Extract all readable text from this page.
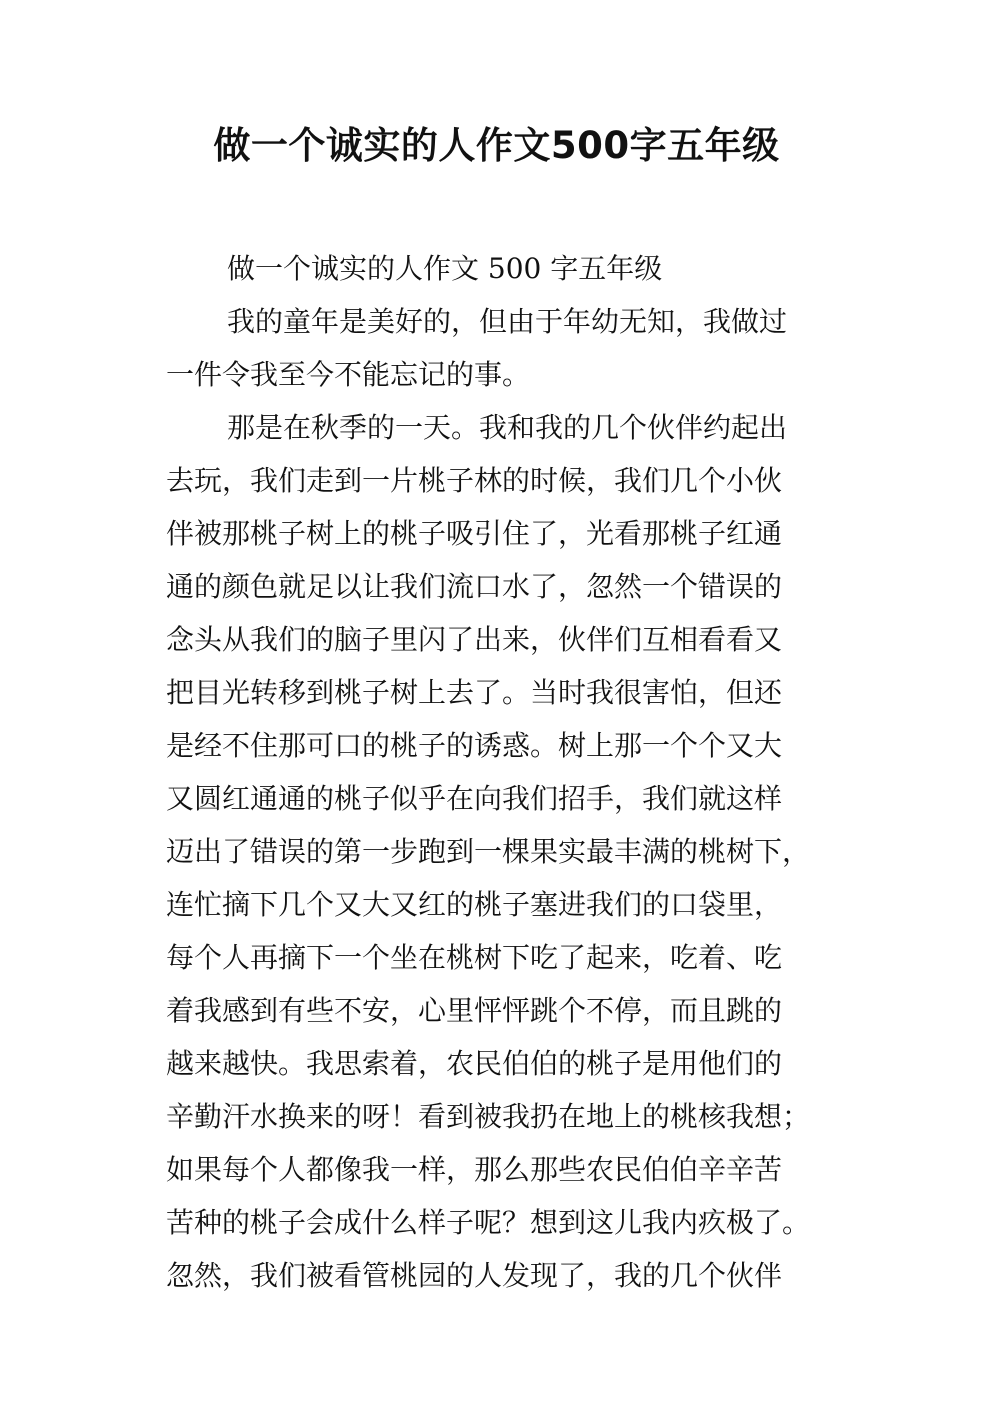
做一个诚实的人作文500字五年级
做一个诚实的人作文 500 字五年级
我的童年是美好的，但由于年幼无知，我做过
一件令我至今不能忘记的事。
那是在秋季的一天。我和我的几个伙伴约起出
去玩，我们走到一片桃子林的时候，我们几个小伙
伴被那桃子树上的桃子吸引住了，光看那桃子红通
通的颜色就足以让我们流口水了，忽然一个错误的
念头从我们的脑子里闪了出来，伙伴们互相看看又
把目光转移到桃子树上去了。当时我很害怕，但还
是经不住那可口的桃子的诱惑。树上那一个个又大
又圆红通通的桃子似乎在向我们招手，我们就这样
迈出了错误的第一步跑到一棵果实最丰满的桃树下，
连忙摘下几个又大又红的桃子塞进我们的口袋里，
每个人再摘下一个坐在桃树下吃了起来，吃着、吃
着我感到有些不安，心里怦怦跳个不停，而且跳的
越来越快。我思索着，农民伯伯的桃子是用他们的
辛勤汗水换来的呀！看到被我扔在地上的桃核我想；
如果每个人都像我一样，那么那些农民伯伯辛辛苦
苦种的桃子会成什么样子呢？想到这儿我内疚极了。
忽然，我们被看管桃园的人发现了，我的几个伙伴
